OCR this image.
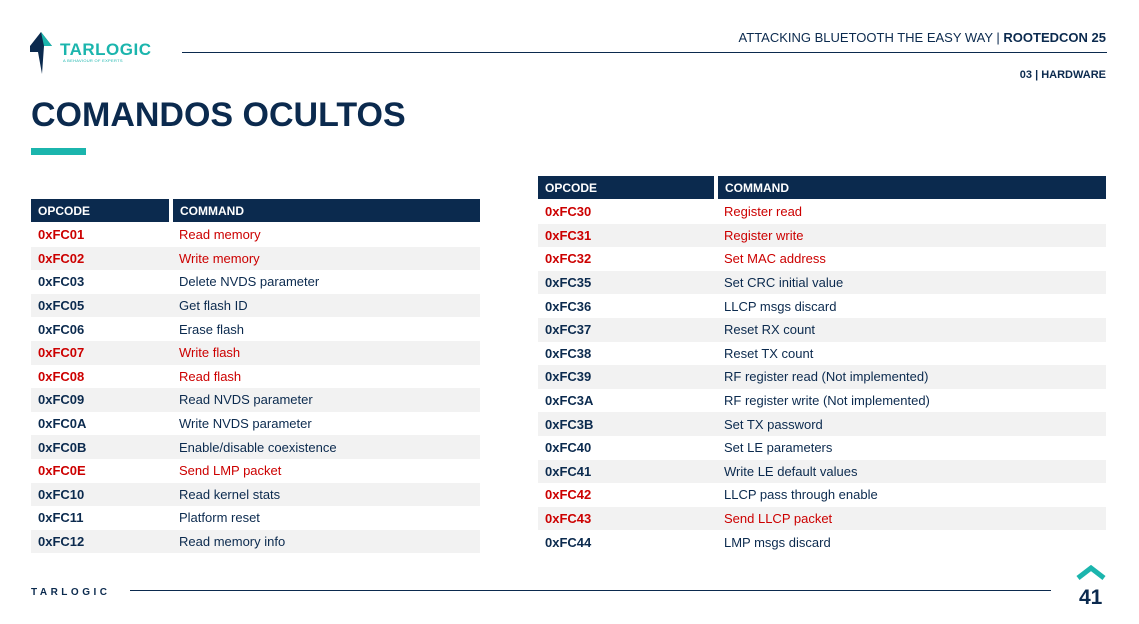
TARLOGIC
A BEHAVIOUR OF EXPERTS
ATTACKING BLUETOOTH THE EASY WAY | ROOTEDCON 25
03 | HARDWARE
COMANDOS OCULTOS
OPCODE	COMMAND
0xFC01	Read memory
0xFC02	Write memory
0xFC03	Delete NVDS parameter
0xFC05	Get flash ID
0xFC06	Erase flash
0xFC07	Write flash
0xFC08	Read flash
0xFC09	Read NVDS parameter
0xFC0A	Write NVDS parameter
0xFC0B	Enable/disable coexistence
0xFC0E	Send LMP packet
0xFC10	Read kernel stats
0xFC11	Platform reset
0xFC12	Read memory info
OPCODE	COMMAND
0xFC30	Register read
0xFC31	Register write
0xFC32	Set MAC address
0xFC35	Set CRC initial value
0xFC36	LLCP msgs discard
0xFC37	Reset RX count
0xFC38	Reset TX count
0xFC39	RF register read (Not implemented)
0xFC3A	RF register write (Not implemented)
0xFC3B	Set TX password
0xFC40	Set LE parameters
0xFC41	Write LE default values
0xFC42	LLCP pass through enable
0xFC43	Send LLCP packet
0xFC44	LMP msgs discard
TARLOGIC	41
